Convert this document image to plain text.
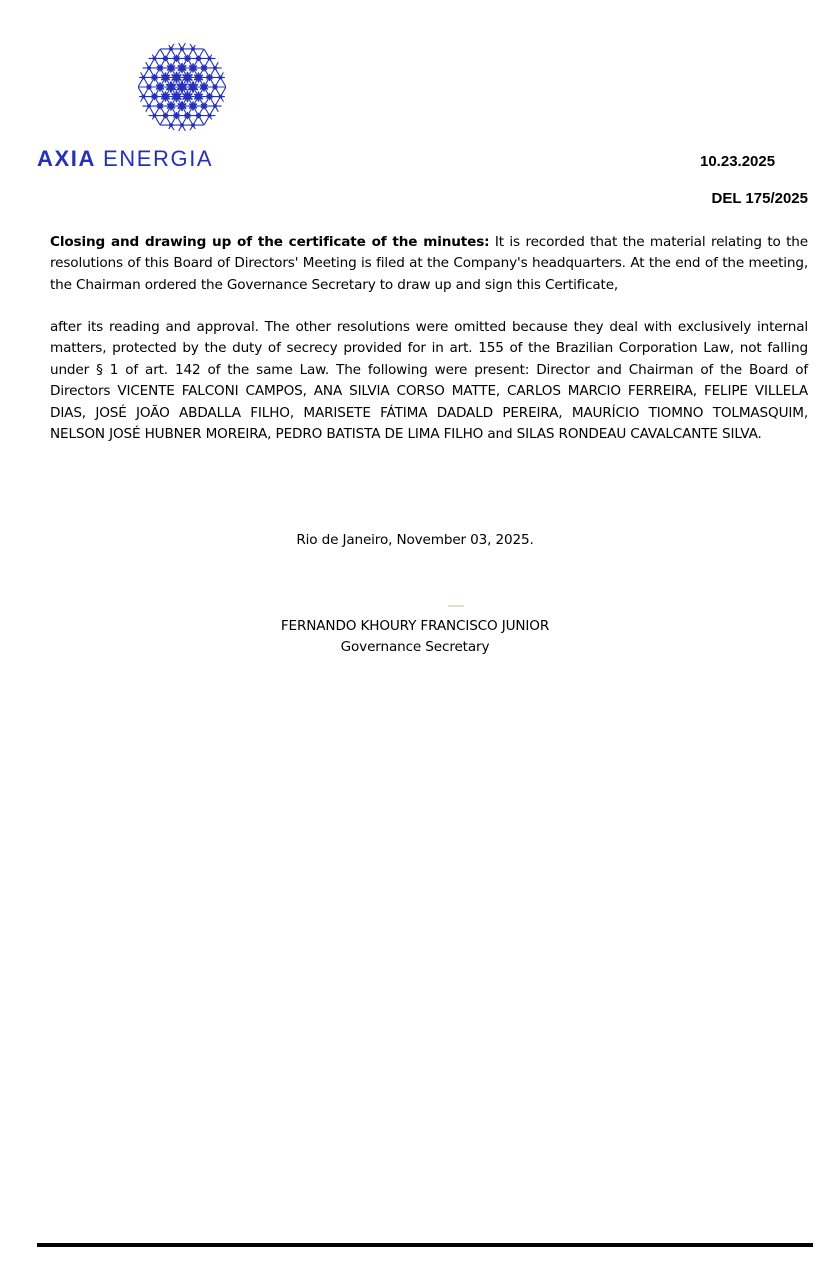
AXIA ENERGIA	10.23.2025
DEL 175/2025

Closing and drawing up of the certificate of the minutes: It is recorded that the material relating to the resolutions of this Board of Directors' Meeting is filed at the Company's headquarters. At the end of the meeting, the Chairman ordered the Governance Secretary to draw up and sign this Certificate,

after its reading and approval. The other resolutions were omitted because they deal with exclusively internal matters, protected by the duty of secrecy provided for in art. 155 of the Brazilian Corporation Law, not falling under § 1 of art. 142 of the same Law. The following were present: Director and Chairman of the Board of Directors VICENTE FALCONI CAMPOS, ANA SILVIA CORSO MATTE, CARLOS MARCIO FERREIRA, FELIPE VILLELA DIAS, JOSÉ JOÃO ABDALLA FILHO, MARISETE FÁTIMA DADALD PEREIRA, MAURÍCIO TIOMNO TOLMASQUIM, NELSON JOSÉ HUBNER MOREIRA, PEDRO BATISTA DE LIMA FILHO and SILAS RONDEAU CAVALCANTE SILVA.

Rio de Janeiro, November 03, 2025.
FERNANDO KHOURY FRANCISCO JUNIOR
Governance Secretary
